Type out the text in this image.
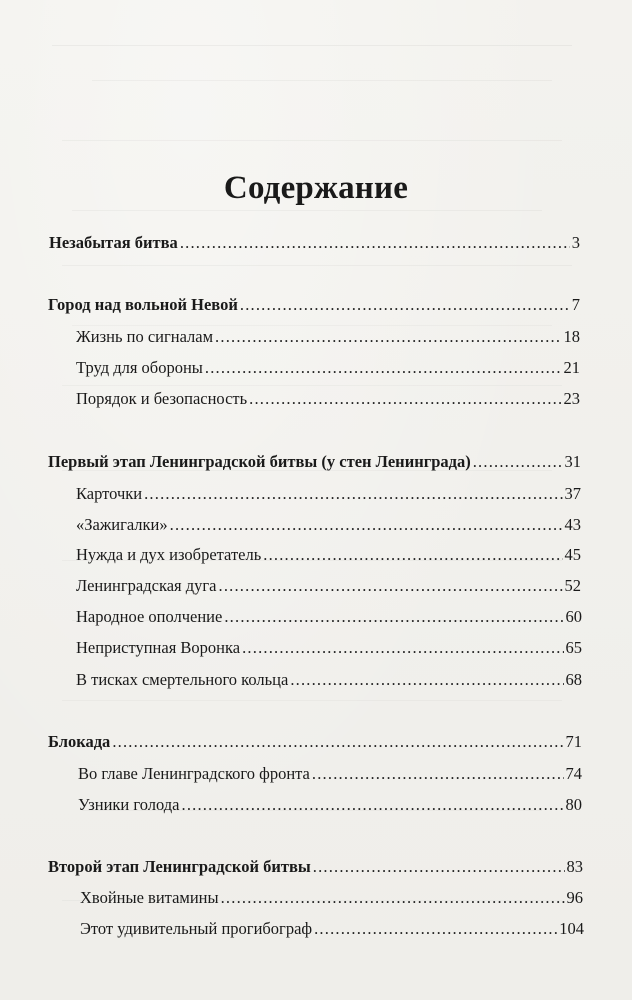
Содержание
Незабытая битва .....	3
Город над вольной Невой .....	7
Жизнь по сигналам .....	18
Труд для обороны .....	21
Порядок и безопасность .....	23
Первый этап Ленинградской битвы (у стен Ленинграда) .....	31
Карточки .....	37
«Зажигалки» .....	43
Нужда и дух изобретатель .....	45
Ленинградская дуга .....	52
Народное ополчение .....	60
Неприступная Воронка .....	65
В тисках смертельного кольца .....	68
Блокада .....	71
Во главе Ленинградского фронта .....	74
Узники голода .....	80
Второй этап Ленинградской битвы .....	83
Хвойные витамины .....	96
Этот удивительный прогибограф .....	104
